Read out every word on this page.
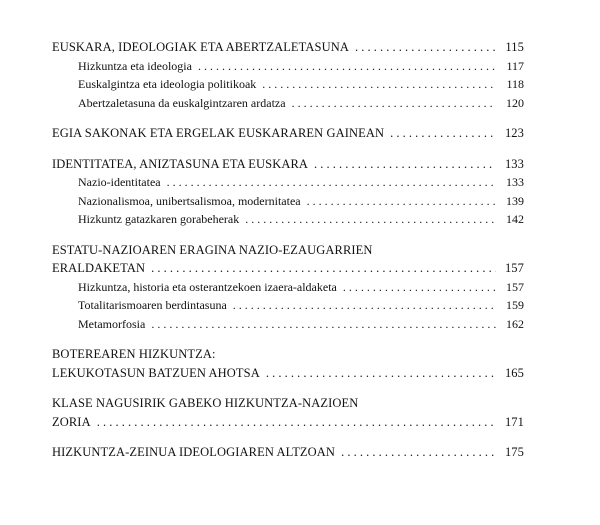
EUSKARA, IDEOLOGIAK ETA ABERTZALETASUNA . . .	115
Hizkuntza eta ideologia . . .	117
Euskalgintza eta ideologia politikoak . . .	118
Abertzaletasuna da euskalgintzaren ardatza . . .	120
EGIA SAKONAK ETA ERGELAK EUSKARAREN GAINEAN . . .	123
IDENTITATEA, ANIZTASUNA ETA EUSKARA . . .	133
Nazio-identitatea . . .	133
Nazionalismoa, unibertsalismoa, modernitatea . . .	139
Hizkuntz gatazkaren gorabeherak . . .	142
ESTATU-NAZIOAREN ERAGINA NAZIO-EZAUGARRIEN
ERALDAKETAN . . .	157
Hizkuntza, historia eta osterantzekoen izaera-aldaketa . . .	157
Totalitarismoaren berdintasuna . . .	159
Metamorfosia . . .	162
BOTEREAREN HIZKUNTZA:
LEKUKOTASUN BATZUEN AHOTSA . . .	165
KLASE NAGUSIRIK GABEKO HIZKUNTZA-NAZIOEN
ZORIA . . .	171
HIZKUNTZA-ZEINUA IDEOLOGIAREN ALTZOAN . . .	175
